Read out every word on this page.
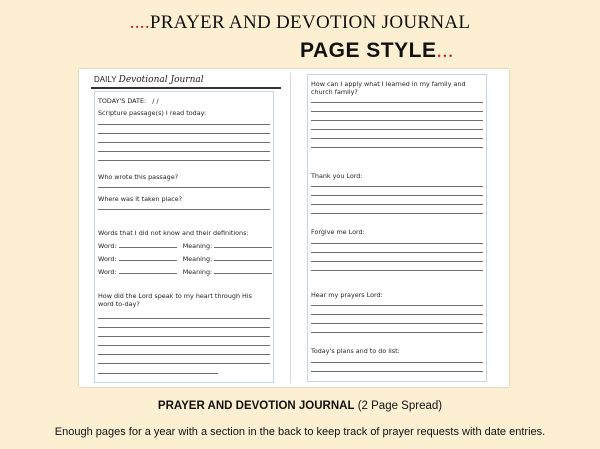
....PRAYER AND DEVOTION JOURNAL
PAGE STYLE...
DAILY Devotional Journal
TODAY'S DATE: / /
Scripture passage(s) I read today:
Who wrote this passage?
Where was it taken place?
Words that I did not know and their definitions:
Word:	Meaning:
Word:	Meaning:
Word:	Meaning:
How did the Lord speak to my heart through His word to-day?
How can I apply what I learned in my family and church family?
Thank you Lord:
Forgive me Lord:
Hear my prayers Lord:
Today's plans and to do list:
PRAYER AND DEVOTION JOURNAL (2 Page Spread)
Enough pages for a year with a section in the back to keep track of prayer requests with date entries.
